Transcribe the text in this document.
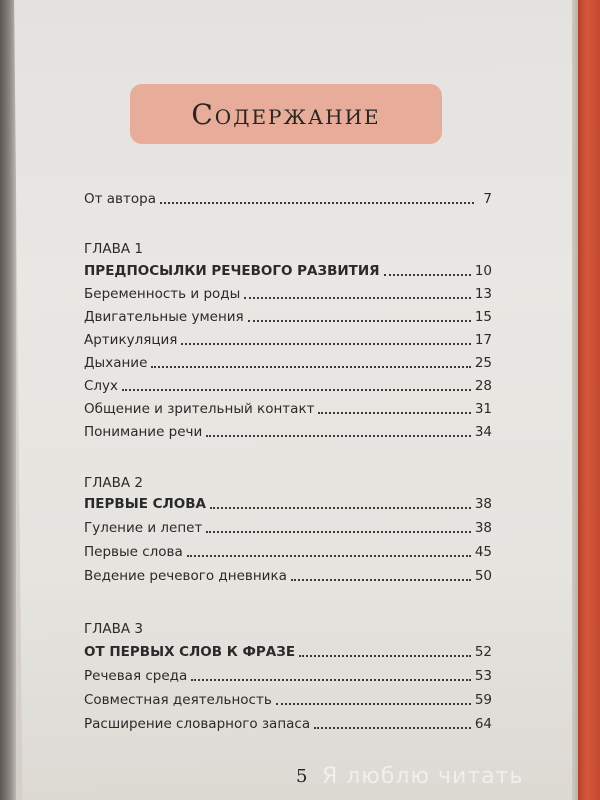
Содержание
От автора	7
ГЛАВА 1
ПРЕДПОСЫЛКИ РЕЧЕВОГО РАЗВИТИЯ	10
Беременность и роды	13
Двигательные умения	15
Артикуляция	17
Дыхание	25
Слух	28
Общение и зрительный контакт	31
Понимание речи	34
ГЛАВА 2
ПЕРВЫЕ СЛОВА	38
Гуление и лепет	38
Первые слова	45
Ведение речевого дневника	50
ГЛАВА 3
ОТ ПЕРВЫХ СЛОВ К ФРАЗЕ	52
Речевая среда	53
Совместная деятельность	59
Расширение словарного запаса	64
5 Я люблю читать
